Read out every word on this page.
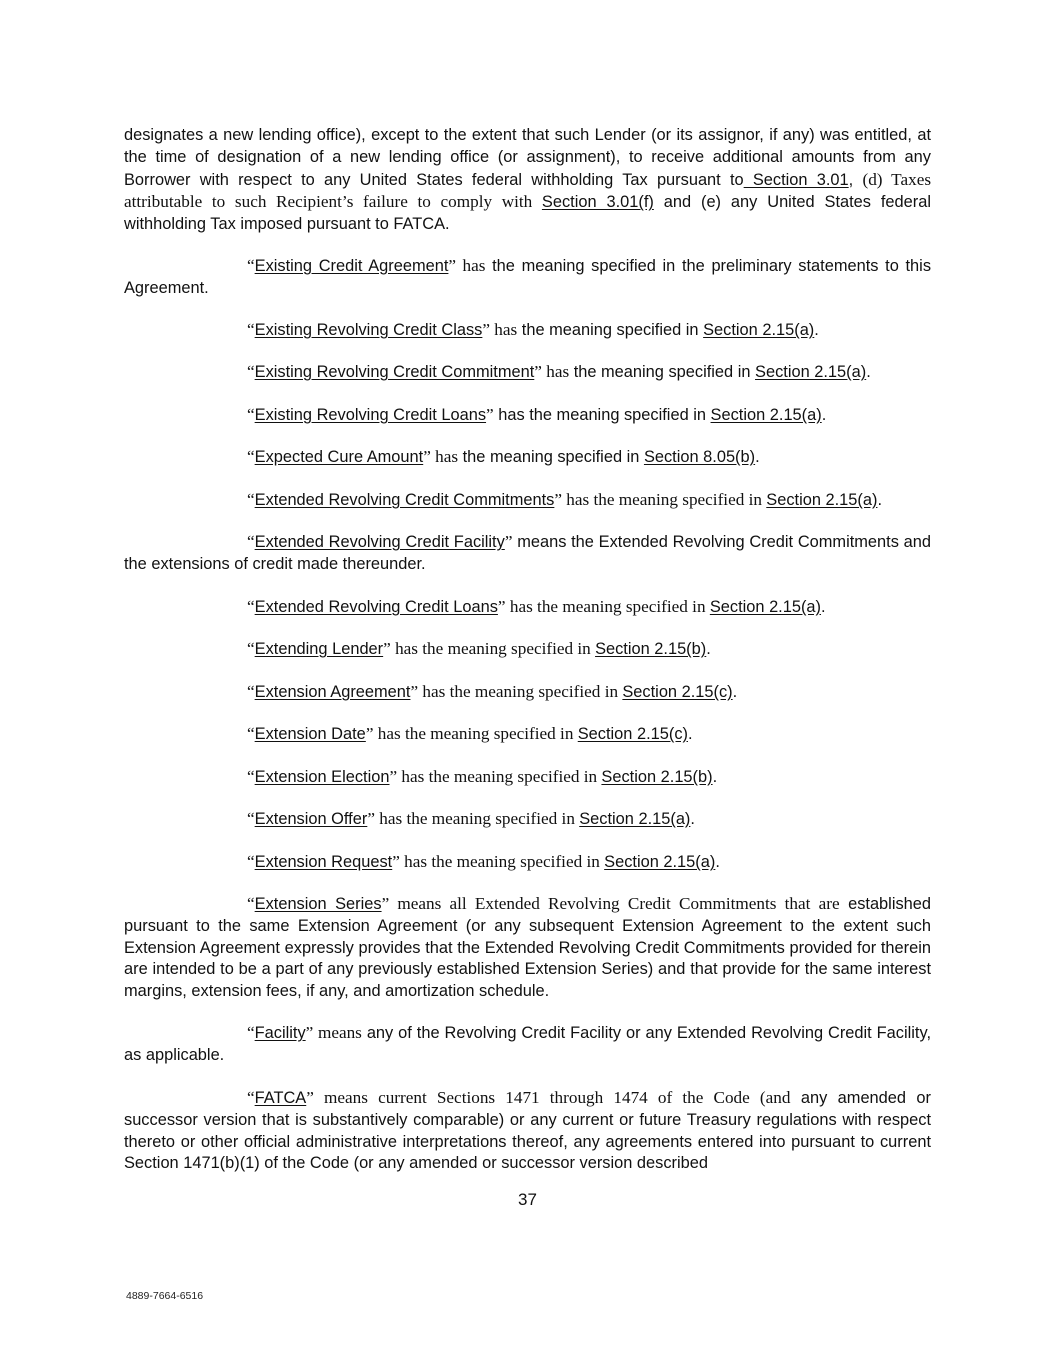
designates a new lending office), except to the extent that such Lender (or its assignor, if any) was entitled, at the time of designation of a new lending office (or assignment), to receive additional amounts from any Borrower with respect to any United States federal withholding Tax pursuant to Section 3.01, (d) Taxes attributable to such Recipient’s failure to comply with Section 3.01(f) and (e) any United States federal withholding Tax imposed pursuant to FATCA.

“Existing Credit Agreement” has the meaning specified in the preliminary statements to this Agreement.

“Existing Revolving Credit Class” has the meaning specified in Section 2.15(a).

“Existing Revolving Credit Commitment” has the meaning specified in Section 2.15(a).

“Existing Revolving Credit Loans” has the meaning specified in Section 2.15(a).

“Expected Cure Amount” has the meaning specified in Section 8.05(b).

“Extended Revolving Credit Commitments” has the meaning specified in Section 2.15(a).

“Extended Revolving Credit Facility” means the Extended Revolving Credit Commitments and the extensions of credit made thereunder.

“Extended Revolving Credit Loans” has the meaning specified in Section 2.15(a).

“Extending Lender” has the meaning specified in Section 2.15(b).

“Extension Agreement” has the meaning specified in Section 2.15(c).

“Extension Date” has the meaning specified in Section 2.15(c).

“Extension Election” has the meaning specified in Section 2.15(b).

“Extension Offer” has the meaning specified in Section 2.15(a).

“Extension Request” has the meaning specified in Section 2.15(a).

“Extension Series” means all Extended Revolving Credit Commitments that are established pursuant to the same Extension Agreement (or any subsequent Extension Agreement to the extent such Extension Agreement expressly provides that the Extended Revolving Credit Commitments provided for therein are intended to be a part of any previously established Extension Series) and that provide for the same interest margins, extension fees, if any, and amortization schedule.

“Facility” means any of the Revolving Credit Facility or any Extended Revolving Credit Facility, as applicable.

“FATCA” means current Sections 1471 through 1474 of the Code (and any amended or successor version that is substantively comparable) or any current or future Treasury regulations with respect thereto or other official administrative interpretations thereof, any agreements entered into pursuant to current Section 1471(b)(1) of the Code (or any amended or successor version described

37
4889-7664-6516
